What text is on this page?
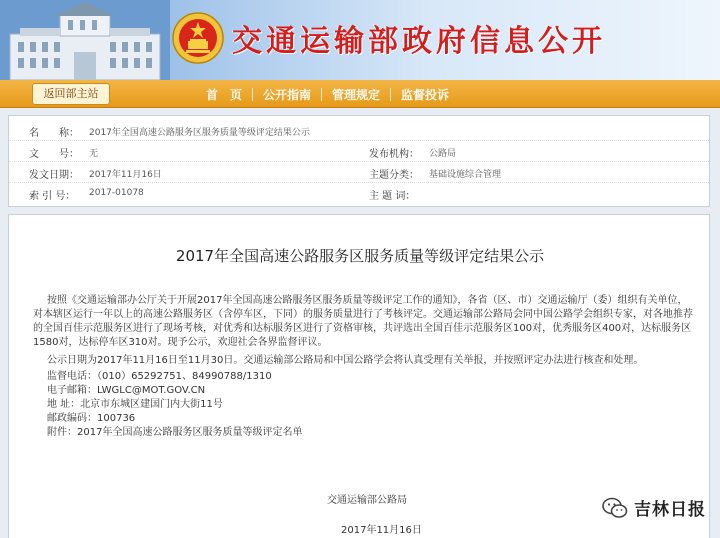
交通运输部政府信息公开
返回部主站	首　页	公开指南	管理规定	监督投诉
名　　称： 2017年全国高速公路服务区服务质量等级评定结果公示
文　　号： 无	发布机构： 公路局
发文日期： 2017年11月16日	主题分类： 基础设施综合管理
索 引 号： 2017-01078	主 题 词：
2017年全国高速公路服务区服务质量等级评定结果公示
按照《交通运输部办公厅关于开展2017年全国高速公路服务区服务质量等级评定工作的通知》，各省（区、市）交通运输厅（委）组织有关单位，
对本辖区运行一年以上的高速公路服务区（含停车区，下同）的服务质量进行了考核评定。交通运输部公路局会同中国公路学会组织专家，对各地推荐
的全国百佳示范服务区进行了现场考核，对优秀和达标服务区进行了资格审核，共评选出全国百佳示范服务区100对，优秀服务区400对，达标服务区
1580对，达标停车区310对。现予公示，欢迎社会各界监督评议。
公示日期为2017年11月16日至11月30日。交通运输部公路局和中国公路学会将认真受理有关举报，并按照评定办法进行核查和处理。
监督电话：（010）65292751、84990788/1310
电子邮箱：LWGLC@MOT.GOV.CN
地 址：北京市东城区建国门内大街11号
邮政编码：100736
附件：2017年全国高速公路服务区服务质量等级评定名单
交通运输部公路局
2017年11月16日
吉林日报
